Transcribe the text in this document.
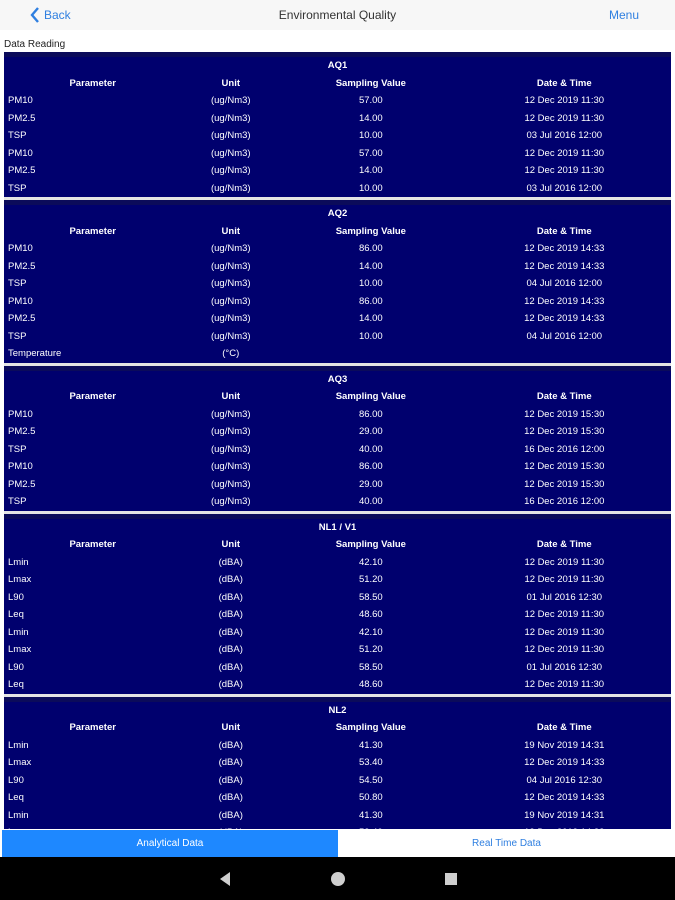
Back	Environmental Quality	Menu
Data Reading
AQ1			
Parameter	Unit	Sampling Value	Date & Time
PM10	(ug/Nm3)	57.00	12 Dec 2019 11:30
PM2.5	(ug/Nm3)	14.00	12 Dec 2019 11:30
TSP	(ug/Nm3)	10.00	03 Jul 2016 12:00
PM10	(ug/Nm3)	57.00	12 Dec 2019 11:30
PM2.5	(ug/Nm3)	14.00	12 Dec 2019 11:30
TSP	(ug/Nm3)	10.00	03 Jul 2016 12:00
AQ2			
Parameter	Unit	Sampling Value	Date & Time
PM10	(ug/Nm3)	86.00	12 Dec 2019 14:33
PM2.5	(ug/Nm3)	14.00	12 Dec 2019 14:33
TSP	(ug/Nm3)	10.00	04 Jul 2016 12:00
PM10	(ug/Nm3)	86.00	12 Dec 2019 14:33
PM2.5	(ug/Nm3)	14.00	12 Dec 2019 14:33
TSP	(ug/Nm3)	10.00	04 Jul 2016 12:00
Temperature	(°C)		
AQ3			
Parameter	Unit	Sampling Value	Date & Time
PM10	(ug/Nm3)	86.00	12 Dec 2019 15:30
PM2.5	(ug/Nm3)	29.00	12 Dec 2019 15:30
TSP	(ug/Nm3)	40.00	16 Dec 2016 12:00
PM10	(ug/Nm3)	86.00	12 Dec 2019 15:30
PM2.5	(ug/Nm3)	29.00	12 Dec 2019 15:30
TSP	(ug/Nm3)	40.00	16 Dec 2016 12:00
NL1 / V1			
Parameter	Unit	Sampling Value	Date & Time
Lmin	(dBA)	42.10	12 Dec 2019 11:30
Lmax	(dBA)	51.20	12 Dec 2019 11:30
L90	(dBA)	58.50	01 Jul 2016 12:30
Leq	(dBA)	48.60	12 Dec 2019 11:30
Lmin	(dBA)	42.10	12 Dec 2019 11:30
Lmax	(dBA)	51.20	12 Dec 2019 11:30
L90	(dBA)	58.50	01 Jul 2016 12:30
Leq	(dBA)	48.60	12 Dec 2019 11:30
NL2			
Parameter	Unit	Sampling Value	Date & Time
Lmin	(dBA)	41.30	19 Nov 2019 14:31
Lmax	(dBA)	53.40	12 Dec 2019 14:33
L90	(dBA)	54.50	04 Jul 2016 12:30
Leq	(dBA)	50.80	12 Dec 2019 14:33
Lmin	(dBA)	41.30	19 Nov 2019 14:31

Analytical Data	Real Time Data
